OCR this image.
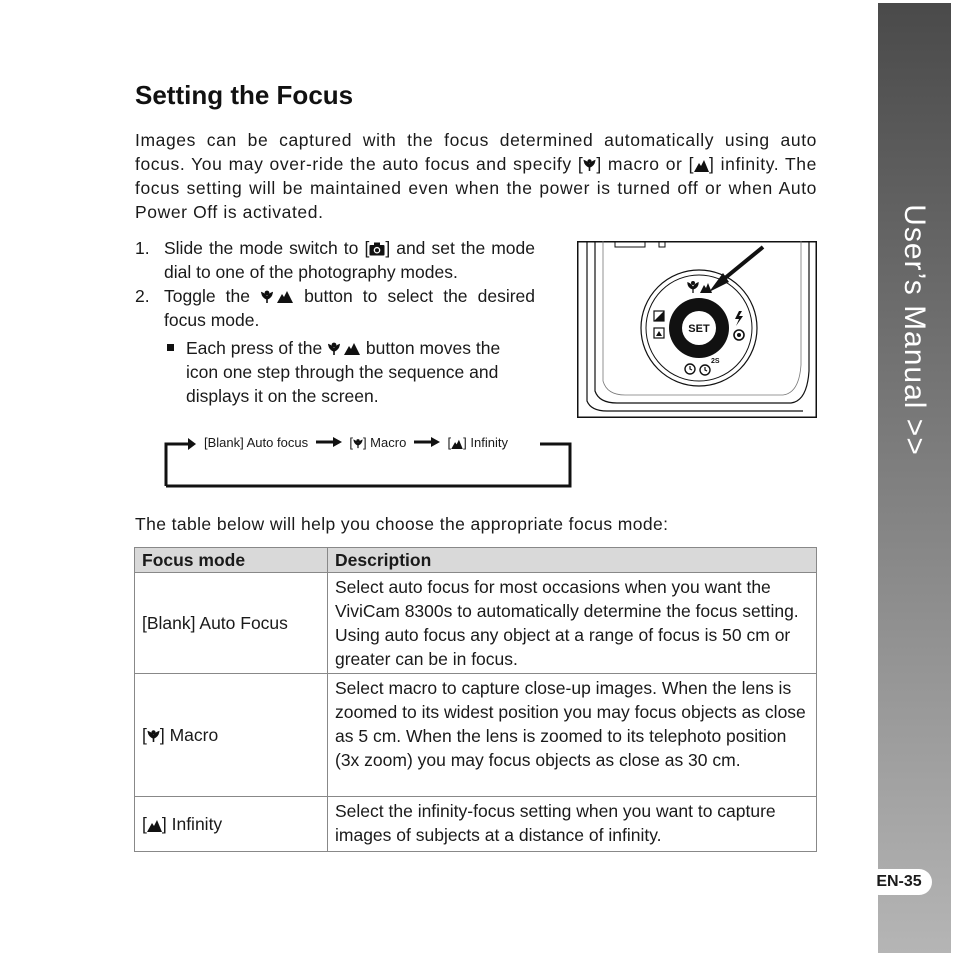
User’s Manual >>
EN-35
Setting the Focus

Images can be captured with the focus determined automatically using auto focus. You may over-ride the auto focus and specify [ ] macro or [ ] infinity. The focus setting will be maintained even when the power is turned off or when Auto Power Off is activated.

1. Slide the mode switch to [ ] and set the mode dial to one of the photography modes.

2. Toggle the  button to select the desired focus mode.

Each press of the  button moves the icon one step through the sequence and displays it on the screen.

SET
2S
[Blank] Auto focus	[ ] Macro	[ ] Infinity

The table below will help you choose the appropriate focus mode:

Focus mode	Description
[Blank] Auto Focus	Select auto focus for most occasions when you want the ViviCam 8300s to automatically determine the focus setting. Using auto focus any object at a range of focus is 50 cm or greater can be in focus.
[ ] Macro	Select macro to capture close-up images. When the lens is zoomed to its widest position you may focus objects as close as 5 cm. When the lens is zoomed to its telephoto position (3x zoom) you may focus objects as close as 30 cm.
[ ] Infinity	Select the infinity-focus setting when you want to capture images of subjects at a distance of infinity.
